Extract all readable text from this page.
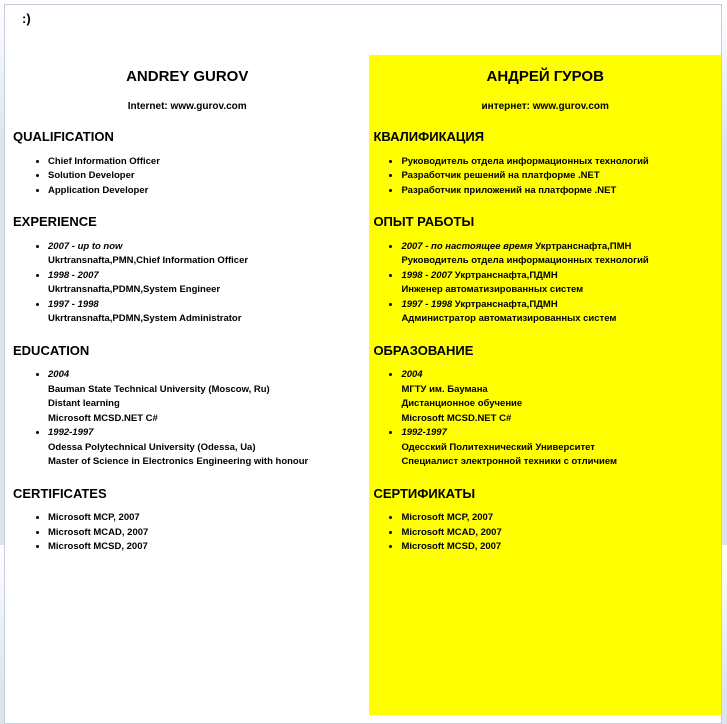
:)
ANDREY GUROV

Internet: www.gurov.com

QUALIFICATION
• Chief Information Officer
• Solution Developer
• Application Developer
EXPERIENCE
• 2007 - up to now
Ukrtransnafta,PMN,Chief Information Officer
• 1998 - 2007
Ukrtransnafta,PDMN,System Engineer
• 1997 - 1998
Ukrtransnafta,PDMN,System Administrator
EDUCATION
• 2004
Bauman State Technical University (Moscow, Ru)
Distant learning
Microsoft MCSD.NET C#
• 1992-1997
Odessa Polytechnical University (Odessa, Ua)
Master of Science in Electronics Engineering with honour
CERTIFICATES
• Microsoft MCP, 2007
• Microsoft MCAD, 2007
• Microsoft MCSD, 2007
АНДРЕЙ ГУРОВ

интернет: www.gurov.com

КВАЛИФИКАЦИЯ
• Руководитель отдела информационных технологий
• Разработчик решений на платформе .NET
• Разработчик приложений на платформе .NET
ОПЫТ РАБОТЫ
• 2007 - по настоящее время Укртранснафта,ПМН
Руководитель отдела информационных технологий
• 1998 - 2007 Укртранснафта,ПДМН
Инженер автоматизированных систем
• 1997 - 1998 Укртранснафта,ПДМН
Администратор автоматизированных систем
ОБРАЗОВАНИЕ
• 2004
МГТУ им. Баумана
Дистанционное обучение
Microsoft MCSD.NET C#
• 1992-1997
Одесский Политехнический Университет
Специалист электронной техники с отличием
СЕРТИФИКАТЫ
• Microsoft MCP, 2007
• Microsoft MCAD, 2007
• Microsoft MCSD, 2007
